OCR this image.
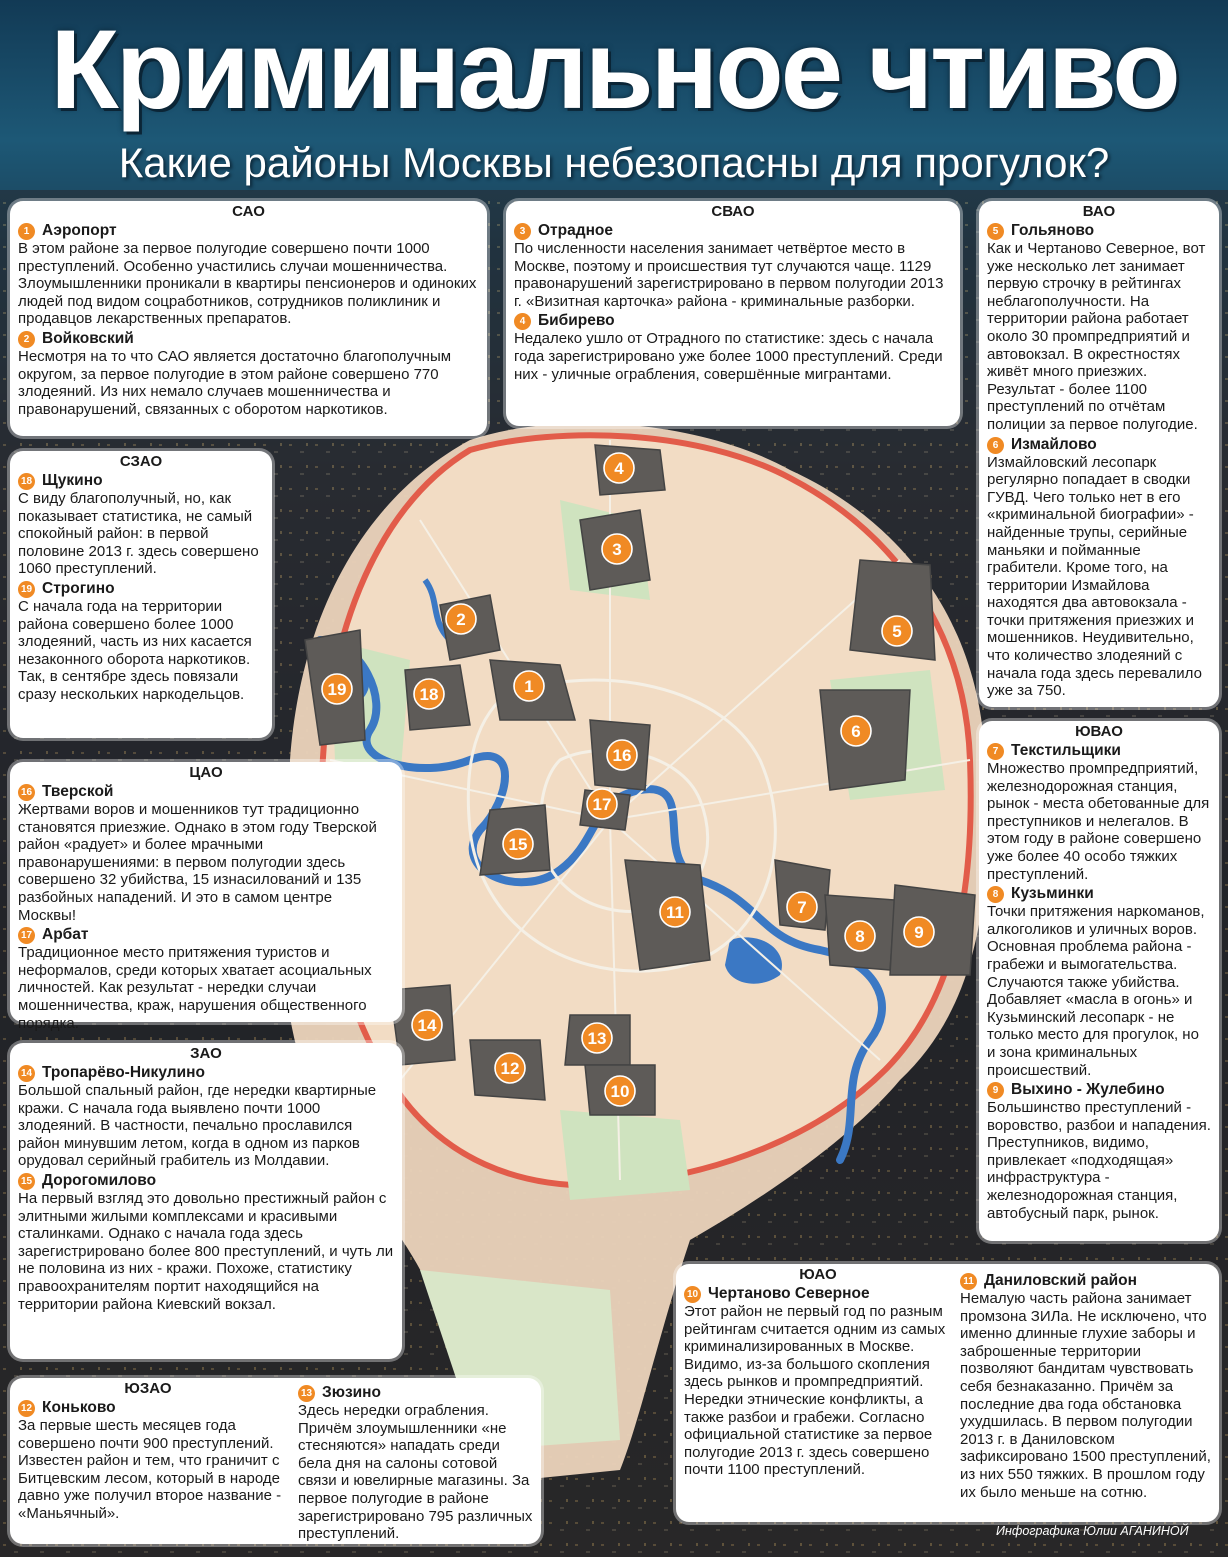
1
2
3
4
5
6
7
8	9
10
11
12
13
14
15
16
17
18
19
Криминальное чтиво
Какие районы Москвы небезопасны для прогулок?
САО
1 Аэропорт

В этом районе за первое полугодие совершено почти 1000 преступлений. Особенно участились случаи мошенничества. Злоумышленники проникали в квартиры пенсионеров и одиноких людей под видом соцработников, сотрудников поликлиник и продавцов лекарственных препаратов.

2 Войковский

Несмотря на то что САО является достаточно благополучным округом, за первое полугодие в этом районе совершено 770 злодеяний. Из них немало случаев мошенничества и правонарушений, связанных с оборотом наркотиков.

СВАО
3 Отрадное

По численности населения занимает четвёртое место в Москве, поэтому и происшествия тут случаются чаще. 1129 правонарушений зарегистрировано в первом полугодии 2013 г. «Визитная карточка» района - криминальные разборки.

4 Бибирево

Недалеко ушло от Отрадного по статистике: здесь с начала года зарегистрировано уже более 1000 преступлений. Среди них - уличные ограбления, совершённые мигрантами.

ВАО
5 Гольяново

Как и Чертаново Северное, вот уже несколько лет занимает первую строчку в рейтингах неблагополучности. На территории района работает около 30 промпредприятий и автовокзал. В окрестностях живёт много приезжих. Результат - более 1100 преступлений по отчётам полиции за первое полугодие.

6 Измайлово

Измайловский лесопарк регулярно попадает в сводки ГУВД. Чего только нет в его «криминальной биографии» - найденные трупы, серийные маньяки и пойманные грабители. Кроме того, на территории Измайлова находятся два автовокзала - точки притяжения приезжих и мошенников. Неудивительно, что количество злодеяний с начала года здесь перевалило уже за 750.

СЗАО
18 Щукино

С виду благополучный, но, как показывает статистика, не самый спокойный район: в первой половине 2013 г. здесь совершено 1060 преступлений.

19 Строгино

С начала года на территории района совершено более 1000 злодеяний, часть из них касается незаконного оборота наркотиков. Так, в сентябре здесь повязали сразу нескольких наркодельцов.

ЦАО
16 Тверской

Жертвами воров и мошенников тут традиционно становятся приезжие. Однако в этом году Тверской район «радует» и более мрачными правонарушениями: в первом полугодии здесь совершено 32 убийства, 15 изнасилований и 135 разбойных нападений. И это в самом центре Москвы!

17 Арбат

Традиционное место притяжения туристов и неформалов, среди которых хватает асоциальных личностей. Как результат - нередки случаи мошенничества, краж, нарушения общественного порядка.

ЮВАО
7 Текстильщики

Множество промпредприятий, железнодорожная станция, рынок - места обетованные для преступников и нелегалов. В этом году в районе совершено уже более 40 особо тяжких преступлений.

8 Кузьминки

Точки притяжения наркоманов, алкоголиков и уличных воров. Основная проблема района - грабежи и вымогательства. Случаются также убийства. Добавляет «масла в огонь» и Кузьминский лесопарк - не только место для прогулок, но и зона криминальных происшествий.

9 Выхино - Жулебино

Большинство преступлений - воровство, разбои и нападения. Преступников, видимо, привлекает «подходящая» инфраструктура - железнодорожная станция, автобусный парк, рынок.

ЗАО
14 Тропарёво-Никулино

Большой спальный район, где нередки квартирные кражи. С начала года выявлено почти 1000 злодеяний. В частности, печально прославился район минувшим летом, когда в одном из парков орудовал серийный грабитель из Молдавии.

15 Дорогомилово

На первый взгляд это довольно престижный район с элитными жилыми комплексами и красивыми сталинками. Однако с начала года здесь зарегистрировано более 800 преступлений, и чуть ли не половина из них - кражи. Похоже, статистику правоохранителям портит находящийся на территории района Киевский вокзал.

ЮЗАО
12 Коньково

За первые шесть месяцев года совершено почти 900 преступлений. Известен район и тем, что граничит с Битцевским лесом, который в народе давно уже получил второе название - «Маньячный».

13 Зюзино

Здесь нередки ограбления. Причём злоумышленники «не стесняются» нападать среди бела дня на салоны сотовой связи и ювелирные магазины. За первое полугодие в районе зарегистрировано 795 различных преступлений.

ЮАО
10 Чертаново Северное

Этот район не первый год по разным рейтингам считается одним из самых криминализированных в Москве. Видимо, из-за большого скопления здесь рынков и промпредприятий. Нередки этнические конфликты, а также разбои и грабежи. Согласно официальной статистике за первое полугодие 2013 г. здесь совершено почти 1100 преступлений.

11 Даниловский район

Немалую часть района занимает промзона ЗИЛа. Не исключено, что именно длинные глухие заборы и заброшенные территории позволяют бандитам чувствовать себя безнаказанно. Причём за последние два года обстановка ухудшилась. В первом полугодии 2013 г. в Даниловском зафиксировано 1500 преступлений, из них 550 тяжких. В прошлом году их было меньше на сотню.

Инфографика Юлии АГАНИНОЙ
